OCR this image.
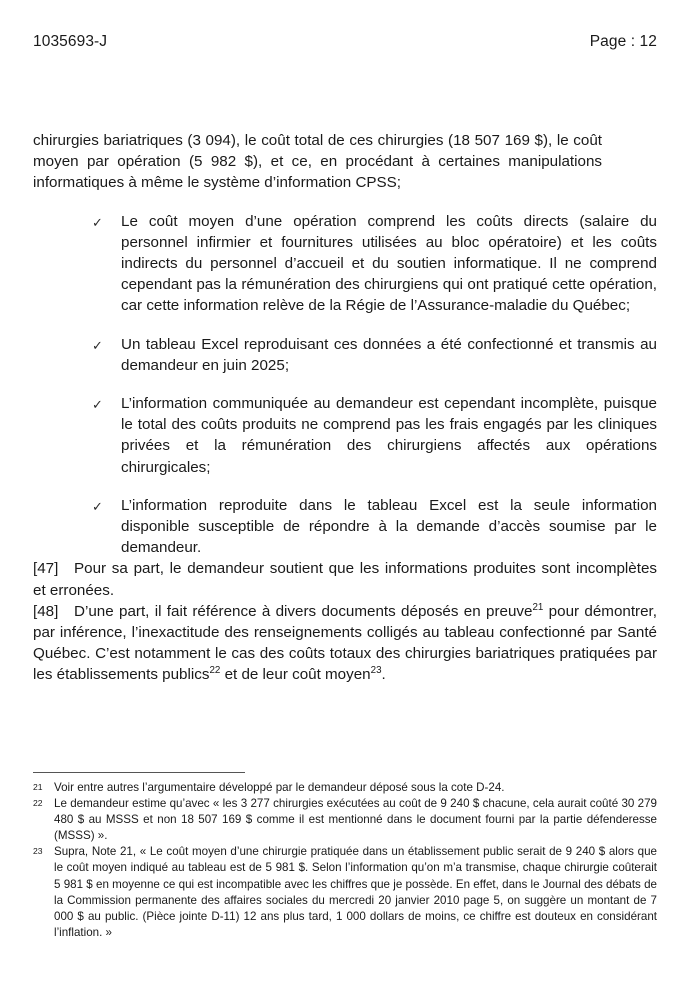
1035693-J	Page : 12

chirurgies bariatriques (3 094), le coût total de ces chirurgies (18 507 169 $), le coût moyen par opération (5 982 $), et ce, en procédant à certaines manipulations informatiques à même le système d’information CPSS;

✓ Le coût moyen d’une opération comprend les coûts directs (salaire du personnel infirmier et fournitures utilisées au bloc opératoire) et les coûts indirects du personnel d’accueil et du soutien informatique. Il ne comprend cependant pas la rémunération des chirurgiens qui ont pratiqué cette opération, car cette information relève de la Régie de l’Assurance-maladie du Québec;
✓ Un tableau Excel reproduisant ces données a été confectionné et transmis au demandeur en juin 2025;
✓ L’information communiquée au demandeur est cependant incomplète, puisque le total des coûts produits ne comprend pas les frais engagés par les cliniques privées et la rémunération des chirurgiens affectés aux opérations chirurgicales;
✓ L’information reproduite dans le tableau Excel est la seule information disponible susceptible de répondre à la demande d’accès soumise par le demandeur.

[47] Pour sa part, le demandeur soutient que les informations produites sont incomplètes et erronées.

[48] D’une part, il fait référence à divers documents déposés en preuve$^{21}$ pour démontrer, par inférence, l’inexactitude des renseignements colligés au tableau confectionné par Santé Québec. C’est notamment le cas des coûts totaux des chirurgies bariatriques pratiquées par les établissements publics$^{22}$ et de leur coût moyen$^{23}$.

21 Voir entre autres l’argumentaire développé par le demandeur déposé sous la cote D-24.
22 Le demandeur estime qu’avec « les 3 277 chirurgies exécutées au coût de 9 240 $ chacune, cela aurait coûté 30 279 480 $ au MSSS et non 18 507 169 $ comme il est mentionné dans le document fourni par la partie défenderesse (MSSS) ».
23 Supra, Note 21, « Le coût moyen d’une chirurgie pratiquée dans un établissement public serait de 9 240 $ alors que le coût moyen indiqué au tableau est de 5 981 $. Selon l’information qu’on m’a transmise, chaque chirurgie coûterait 5 981 $ en moyenne ce qui est incompatible avec les chiffres que je possède. En effet, dans le Journal des débats de la Commission permanente des affaires sociales du mercredi 20 janvier 2010 page 5, on suggère un montant de 7 000 $ au public. (Pièce jointe D-11) 12 ans plus tard, 1 000 dollars de moins, ce chiffre est douteux en considérant l’inflation. »
